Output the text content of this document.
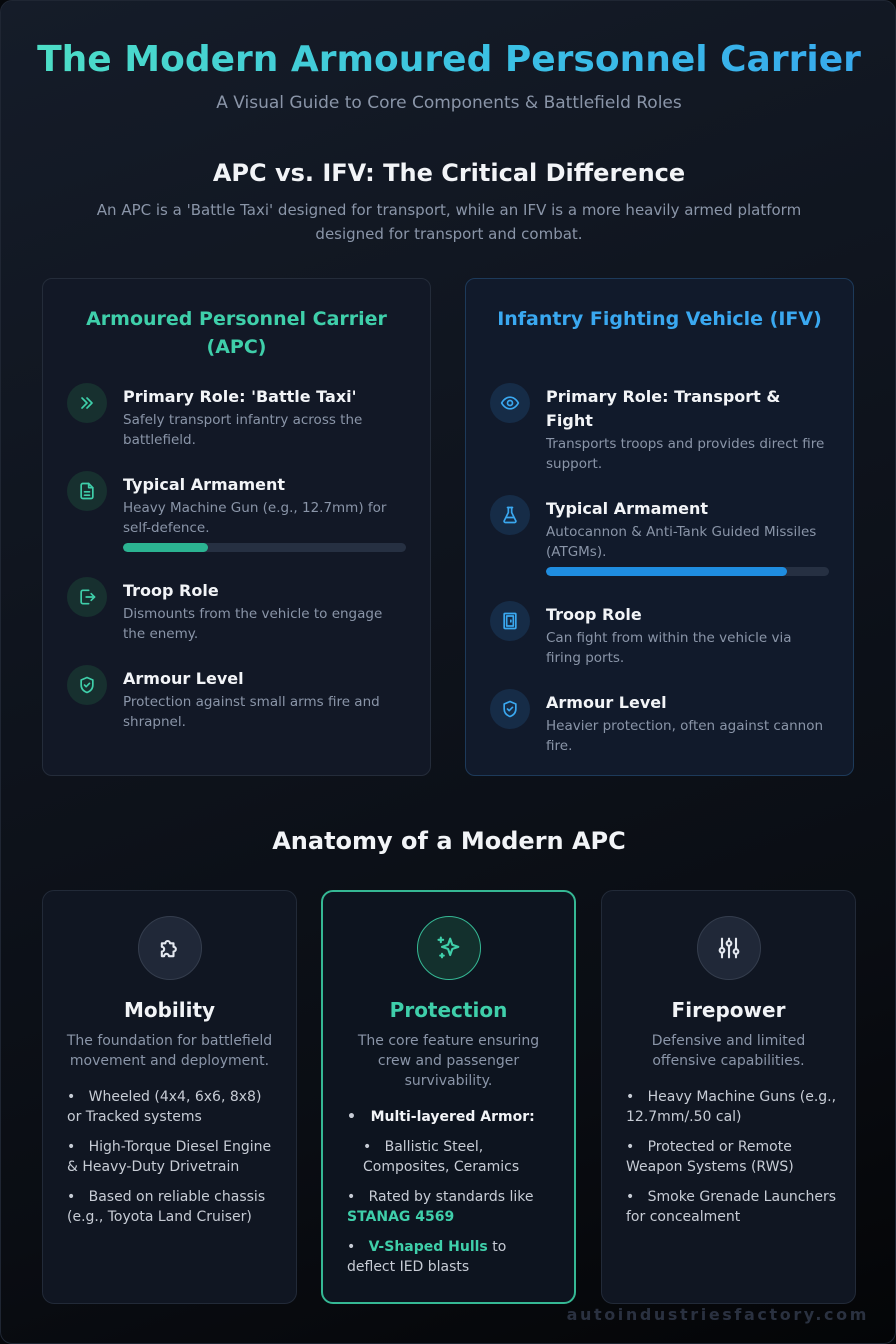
The Modern Armoured Personnel Carrier
A Visual Guide to Core Components & Battlefield Roles
APC vs. IFV: The Critical Difference
An APC is a 'Battle Taxi' designed for transport, while an IFV is a more heavily armed platform designed for transport and combat.
Armoured Personnel Carrier (APC)
Primary Role: 'Battle Taxi'
Safely transport infantry across the battlefield.
Typical Armament
Heavy Machine Gun (e.g., 12.7mm) for self-defence.
Troop Role
Dismounts from the vehicle to engage the enemy.
Armour Level
Protection against small arms fire and shrapnel.
Infantry Fighting Vehicle (IFV)
Primary Role: Transport & Fight
Transports troops and provides direct fire support.
Typical Armament
Autocannon & Anti-Tank Guided Missiles (ATGMs).
Troop Role
Can fight from within the vehicle via firing ports.
Armour Level
Heavier protection, often against cannon fire.
Anatomy of a Modern APC
Mobility
The foundation for battlefield movement and deployment.
•   Wheeled (4x4, 6x6, 8x8) or Tracked systems
•   High-Torque Diesel Engine & Heavy-Duty Drivetrain
•   Based on reliable chassis (e.g., Toyota Land Cruiser)
Protection
The core feature ensuring crew and passenger survivability.
•   Multi-layered Armor:
•   Ballistic Steel, Composites, Ceramics
•   Rated by standards like STANAG 4569
•   V-Shaped Hulls to deflect IED blasts
Firepower
Defensive and limited offensive capabilities.
•   Heavy Machine Guns (e.g., 12.7mm/.50 cal)
•   Protected or Remote Weapon Systems (RWS)
•   Smoke Grenade Launchers for concealment
autoindustriesfactory.com
